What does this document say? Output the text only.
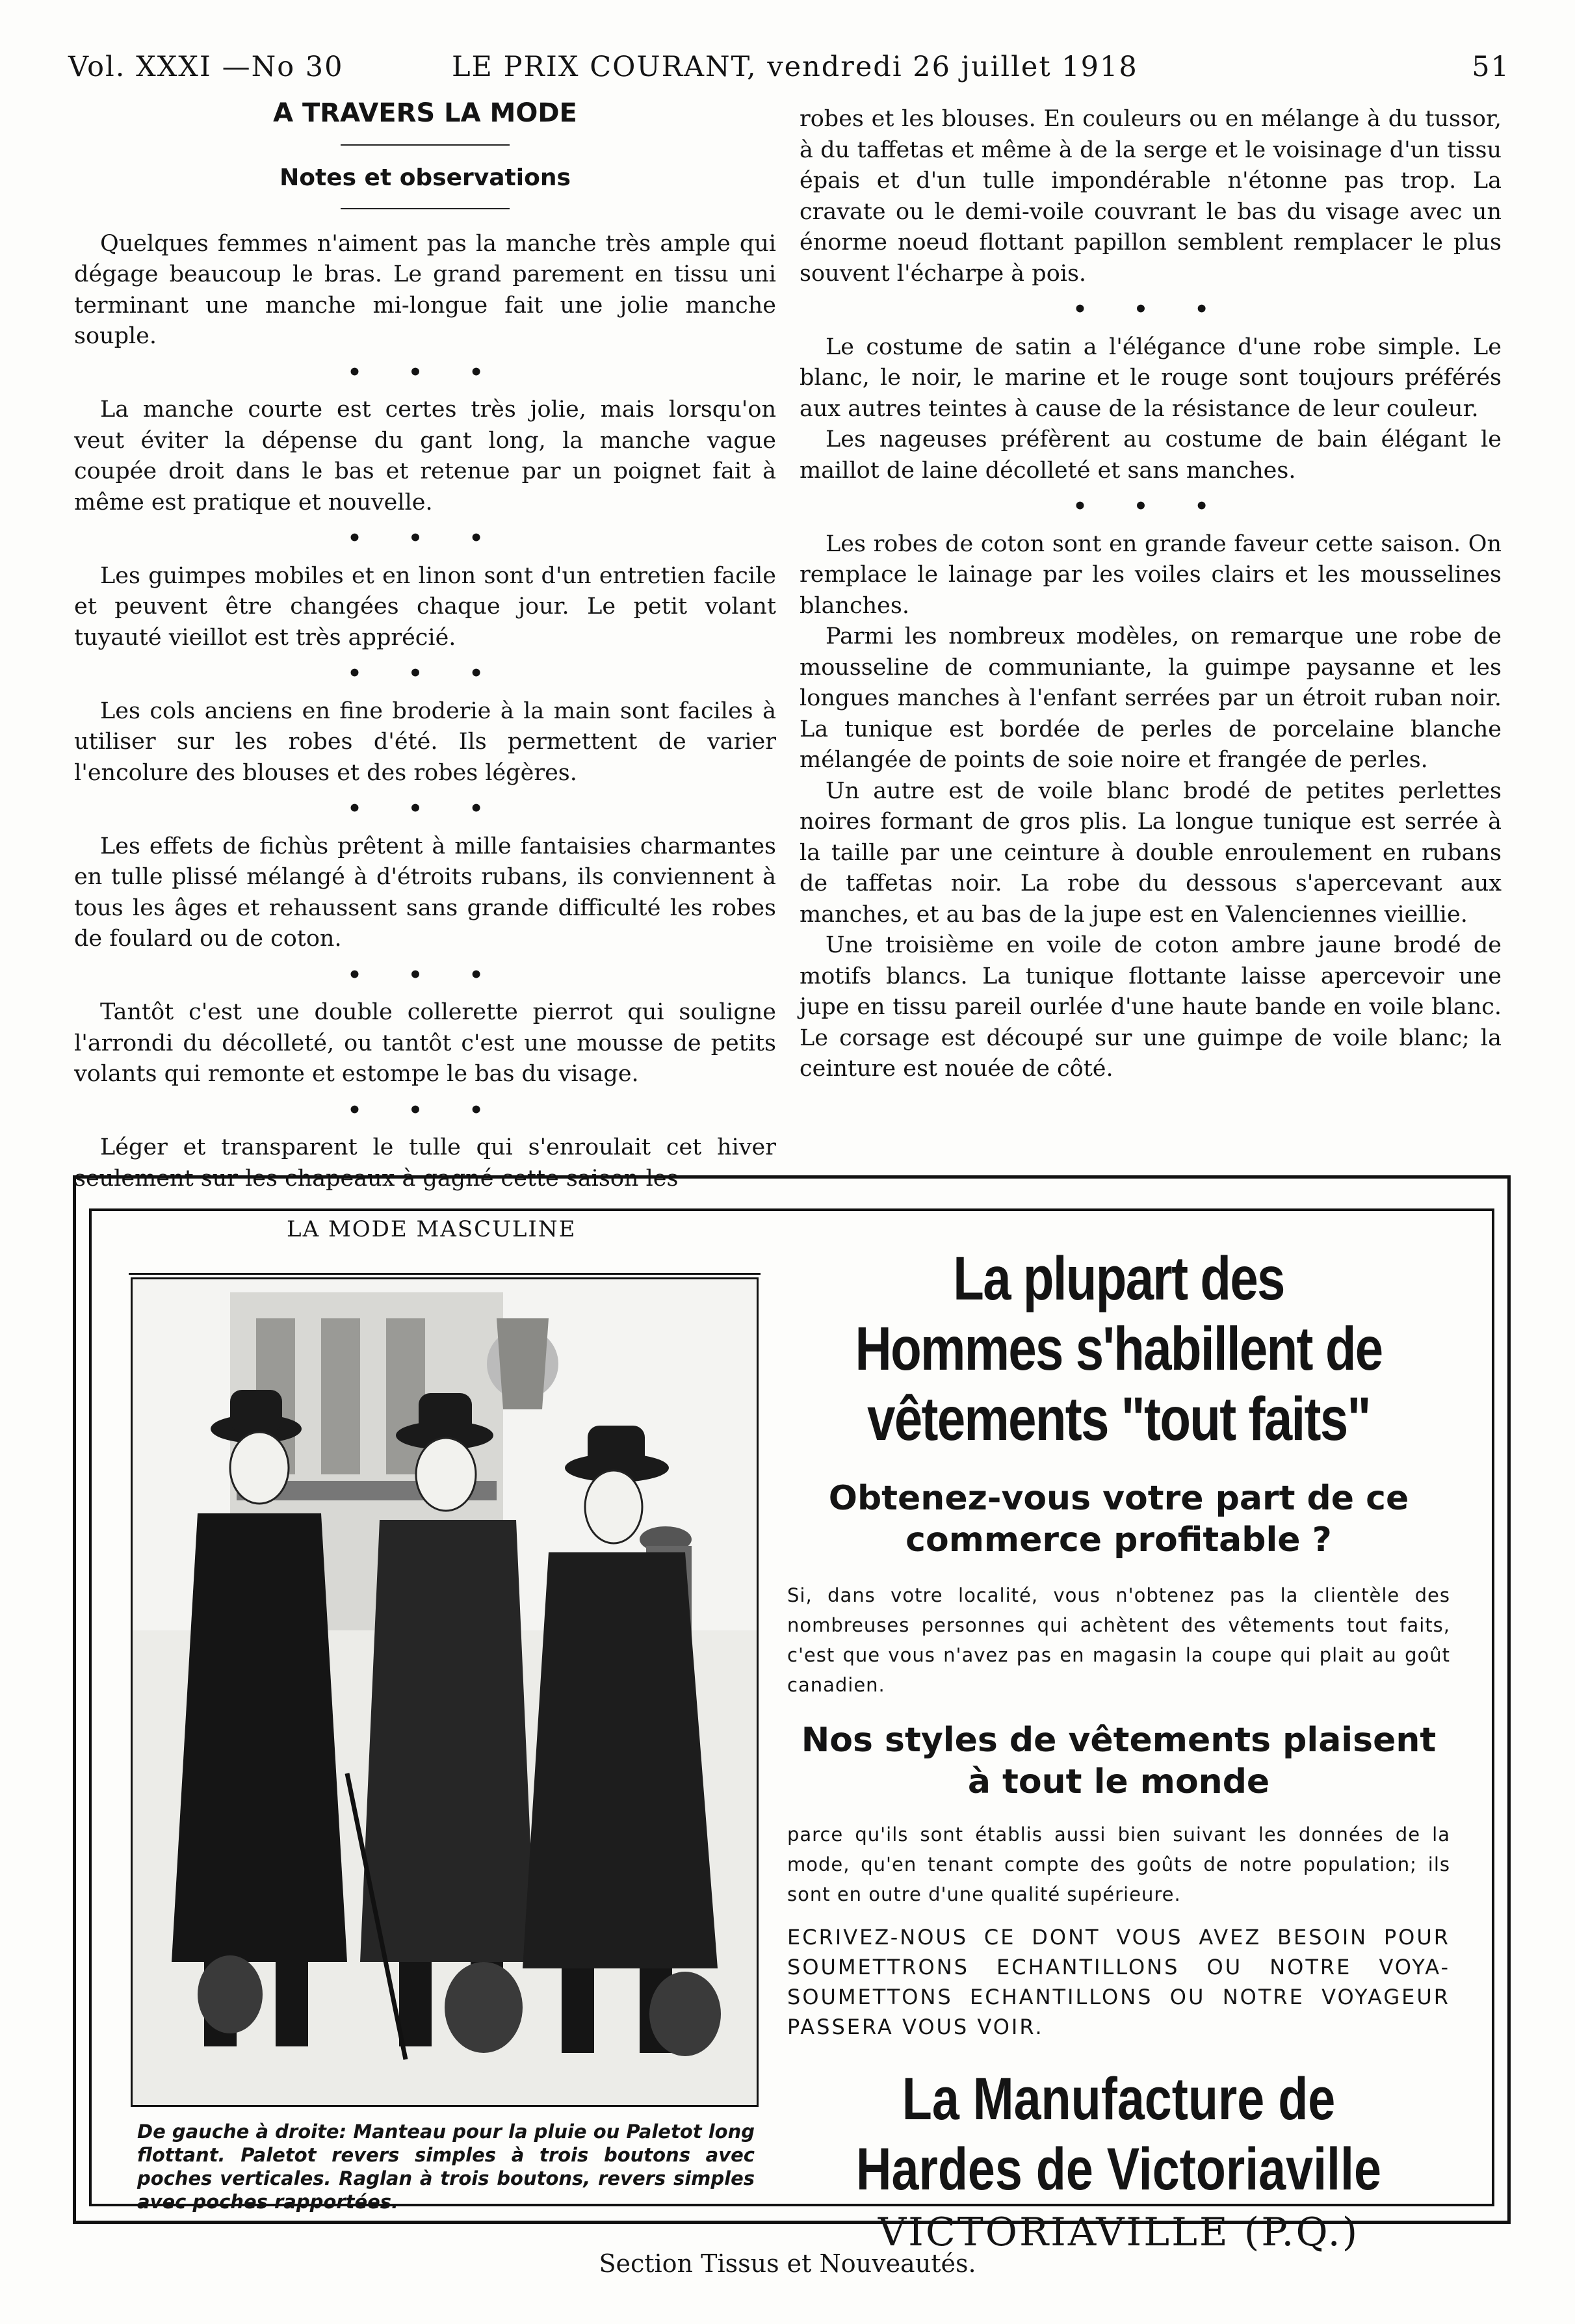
Vol. XXXI —No 30	LE PRIX COURANT, vendredi 26 juillet 1918	51
A TRAVERS LA MODE
Notes et observations

Quelques femmes n'aiment pas la manche très ample qui dégage beaucoup le bras. Le grand parement en tissu uni terminant une manche mi-longue fait une jolie manche souple.

• • •

La manche courte est certes très jolie, mais lorsqu'on veut éviter la dépense du gant long, la manche vague coupée droit dans le bas et retenue par un poignet fait à même est pratique et nouvelle.

• • •

Les guimpes mobiles et en linon sont d'un entretien facile et peuvent être changées chaque jour. Le petit volant tuyauté vieillot est très apprécié.

• • •

Les cols anciens en fine broderie à la main sont faciles à utiliser sur les robes d'été. Ils permettent de varier l'encolure des blouses et des robes légères.

• • •

Les effets de fichùs prêtent à mille fantaisies charmantes en tulle plissé mélangé à d'étroits rubans, ils conviennent à tous les âges et rehaussent sans grande difficulté les robes de foulard ou de coton.

• • •

Tantôt c'est une double collerette pierrot qui souligne l'arrondi du décolleté, ou tantôt c'est une mousse de petits volants qui remonte et estompe le bas du visage.

• • •

Léger et transparent le tulle qui s'enroulait cet hiver seulement sur les chapeaux à gagné cette saison les

robes et les blouses. En couleurs ou en mélange à du tussor, à du taffetas et même à de la serge et le voisinage d'un tissu épais et d'un tulle impondérable n'étonne pas trop. La cravate ou le demi-voile couvrant le bas du visage avec un énorme noeud flottant papillon semblent remplacer le plus souvent l'écharpe à pois.

• • •

Le costume de satin a l'élégance d'une robe simple. Le blanc, le noir, le marine et le rouge sont toujours préférés aux autres teintes à cause de la résistance de leur couleur.

Les nageuses préfèrent au costume de bain élégant le maillot de laine décolleté et sans manches.

• • •

Les robes de coton sont en grande faveur cette saison. On remplace le lainage par les voiles clairs et les mousselines blanches.

Parmi les nombreux modèles, on remarque une robe de mousseline de communiante, la guimpe paysanne et les longues manches à l'enfant serrées par un étroit ruban noir. La tunique est bordée de perles de porcelaine blanche mélangée de points de soie noire et frangée de perles.

Un autre est de voile blanc brodé de petites perlettes noires formant de gros plis. La longue tunique est serrée à la taille par une ceinture à double enroulement en rubans de taffetas noir. La robe du dessous s'apercevant aux manches, et au bas de la jupe est en Valenciennes vieillie.

Une troisième en voile de coton ambre jaune brodé de motifs blancs. La tunique flottante laisse apercevoir une jupe en tissu pareil ourlée d'une haute bande en voile blanc. Le corsage est découpé sur une guimpe de voile blanc; la ceinture est nouée de côté.

LA MODE MASCULINE
De gauche à droite: Manteau pour la pluie ou Paletot long flottant. Paletot revers simples à trois boutons avec poches verticales. Raglan à trois boutons, revers simples avec poches rapportées.
La plupart des Hommes s'habillent de vêtements "tout faits"

Obtenez-vous votre part de ce commerce profitable ?

Si, dans votre localité, vous n'obtenez pas la clientèle des nombreuses personnes qui achètent des vêtements tout faits, c'est que vous n'avez pas en magasin la coupe qui plait au goût canadien.

Nos styles de vêtements plaisent à tout le monde

parce qu'ils sont établis aussi bien suivant les données de la mode, qu'en tenant compte des goûts de notre population; ils sont en outre d'une qualité supérieure.

ECRIVEZ-NOUS CE DONT VOUS AVEZ BESOIN POUR SOUMETTRONS ECHANTILLONS OU NOTRE VOYA-SOUMETTONS ECHANTILLONS OU NOTRE VOYAGEUR PASSERA VOUS VOIR.

La Manufacture de Hardes de Victoriaville

VICTORIAVILLE (P.Q.)

Section Tissus et Nouveautés.
